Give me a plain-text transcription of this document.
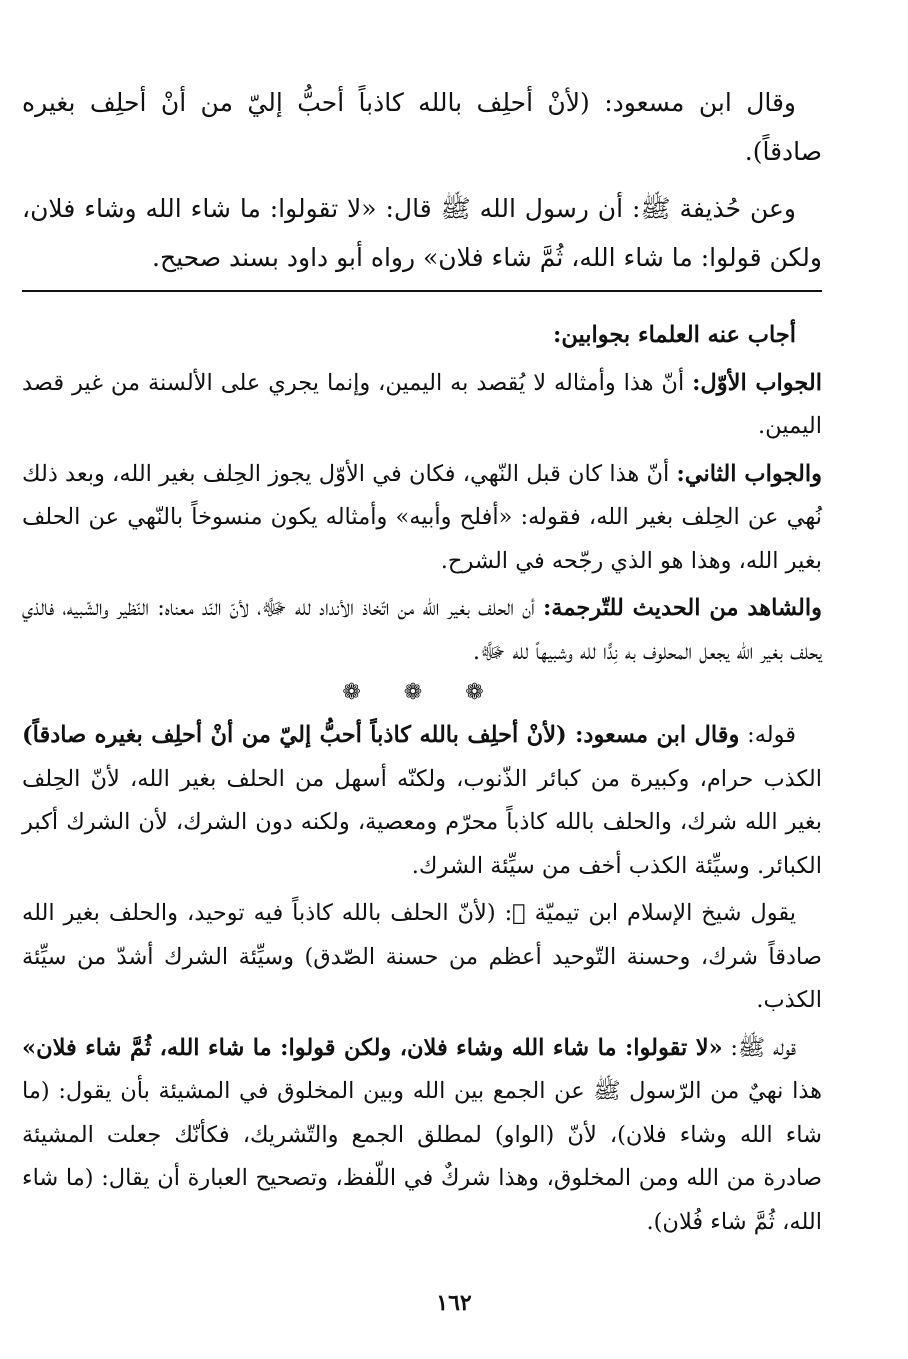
وقال ابن مسعود: (لأنْ أحلِف بالله كاذباً أحبُّ إليّ من أنْ أحلِف بغيره صادقاً).

وعن حُذيفة ﷺ: أن رسول الله ﷺ قال: «لا تقولوا: ما شاء الله وشاء فلان، ولكن قولوا: ما شاء الله، ثُمَّ شاء فلان» رواه أبو داود بسند صحيح.

أجاب عنه العلماء بجوابين:

الجواب الأوّل: أنّ هذا وأمثاله لا يُقصد به اليمين، وإنما يجري على الألسنة من غير قصد اليمين.

والجواب الثاني: أنّ هذا كان قبل النّهي، فكان في الأوّل يجوز الحِلف بغير الله، وبعد ذلك نُهي عن الحِلف بغير الله، فقوله: «أفلح وأبيه» وأمثاله يكون منسوخاً بالنّهي عن الحلف بغير الله، وهذا هو الذي رجّحه في الشرح.

والشاهد من الحديث للتّرجمة: أن الحلف بغير الله من اتّخاذ الأنداد لله ﷻ، لأنّ النّد معناه: النّظير والشّبيه، فالذي يحلف بغير الله يجعل المحلوف به نِدًّا لله وشبيهاً لله ﷻ.

❁ ❁ ❁

قوله: وقال ابن مسعود: (لأنْ أحلِف بالله كاذباً أحبُّ إليّ من أنْ أحلِف بغيره صادقاً) الكذب حرام، وكبيرة من كبائر الذّنوب، ولكنّه أسهل من الحلف بغير الله، لأنّ الحِلف بغير الله شرك، والحلف بالله كاذباً محرّم ومعصية، ولكنه دون الشرك، لأن الشرك أكبر الكبائر. وسيِّئة الكذب أخف من سيِّئة الشرك.

يقول شيخ الإسلام ابن تيميّة ﷬: (لأنّ الحلف بالله كاذباً فيه توحيد، والحلف بغير الله صادقاً شرك، وحسنة التّوحيد أعظم من حسنة الصّدق) وسيِّئة الشرك أشدّ من سيِّئة الكذب.

قوله ﷺ: «لا تقولوا: ما شاء الله وشاء فلان، ولكن قولوا: ما شاء الله، ثُمَّ شاء فلان» هذا نهيٌ من الرّسول ﷺ عن الجمع بين الله وبين المخلوق في المشيئة بأن يقول: (ما شاء الله وشاء فلان)، لأنّ (الواو) لمطلق الجمع والتّشريك، فكأنّك جعلت المشيئة صادرة من الله ومن المخلوق، وهذا شركٌ في اللّفظ، وتصحيح العبارة أن يقال: (ما شاء الله، ثُمَّ شاء فُلان).

١٦٢
